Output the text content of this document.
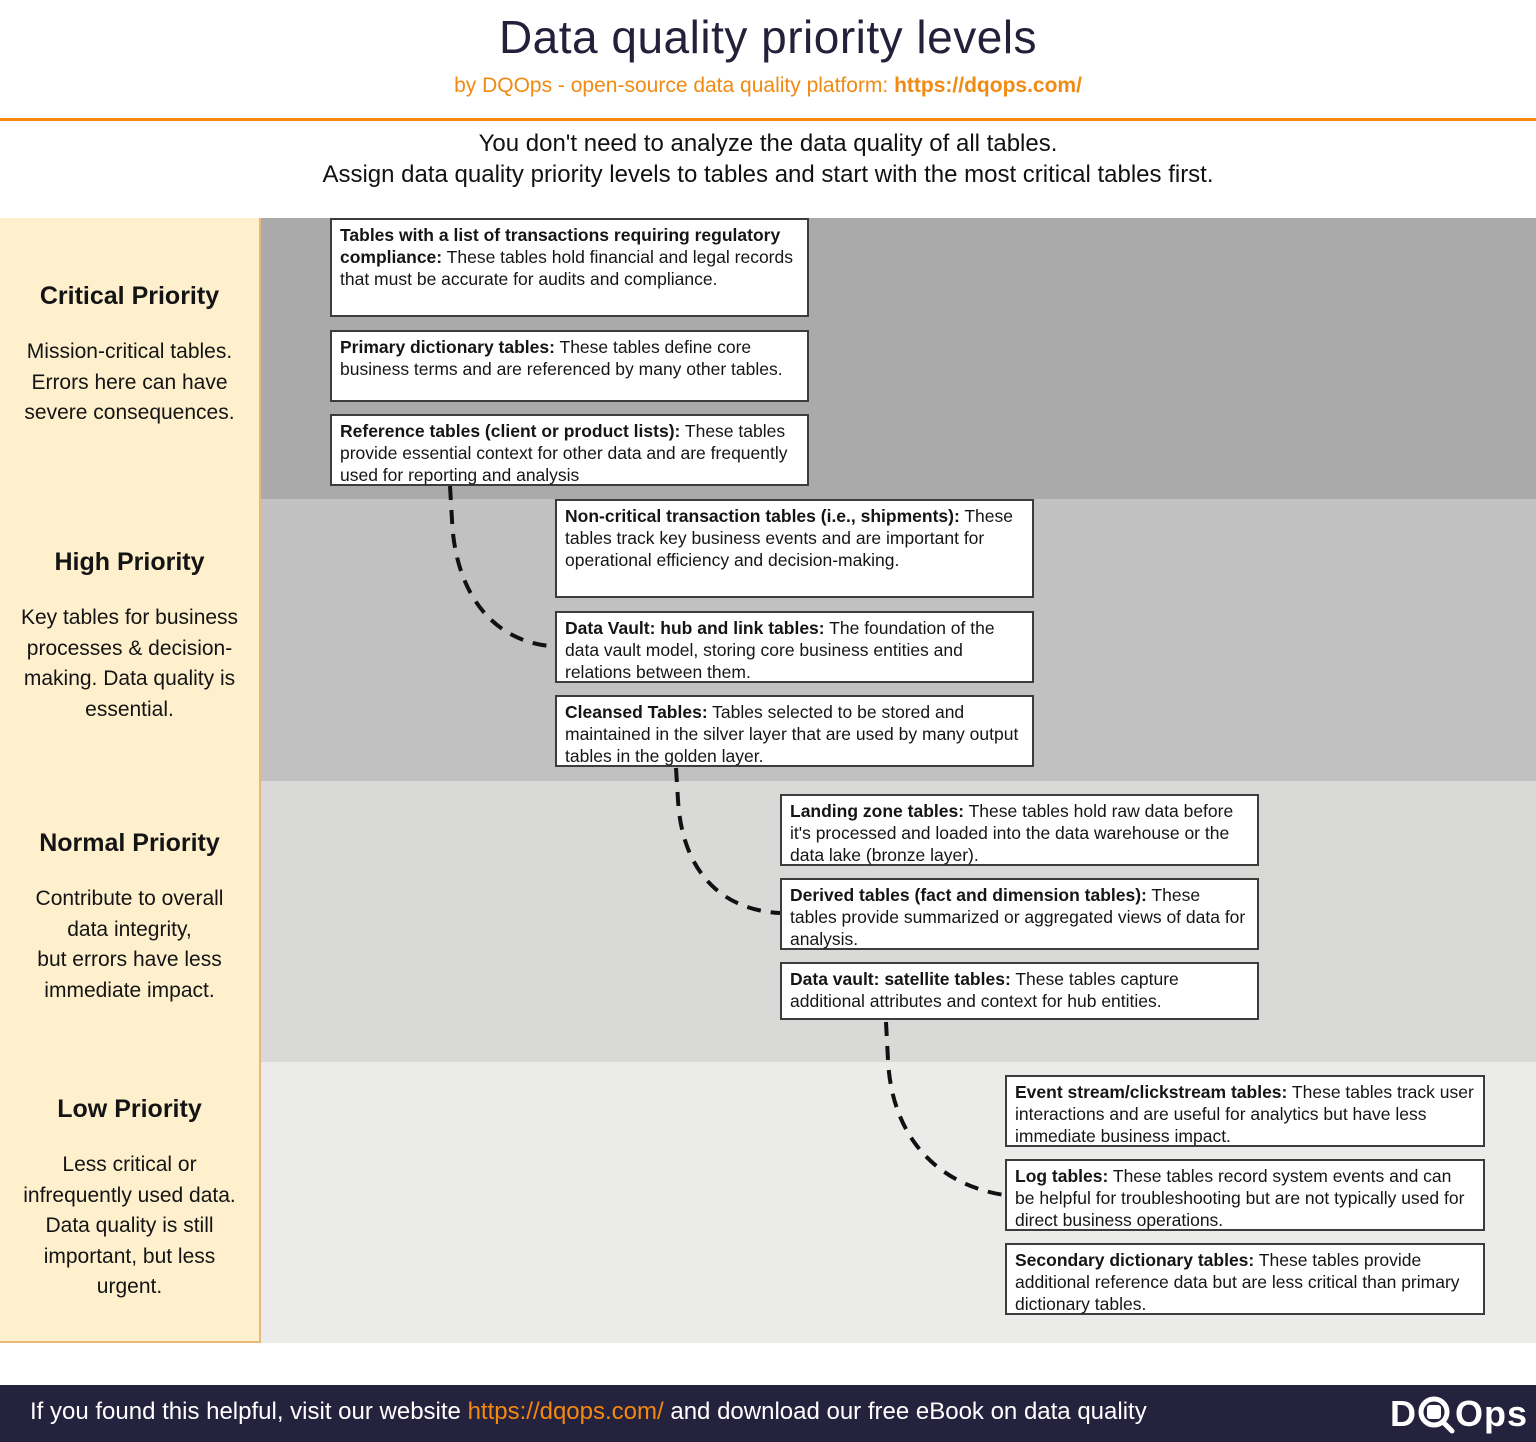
Data quality priority levels
by DQOps - open-source data quality platform: https://dqops.com/
You don't need to analyze the data quality of all tables.
Assign data quality priority levels to tables and start with the most critical tables first.
Critical Priority
Mission-critical tables.
Errors here can have
severe consequences.
High Priority
Key tables for business
processes & decision-
making. Data quality is
essential.
Normal Priority
Contribute to overall
data integrity,
but errors have less
immediate impact.
Low Priority
Less critical or
infrequently used data.
Data quality is still
important, but less
urgent.
Tables with a list of transactions requiring regulatory compliance: These tables hold financial and legal records that must be accurate for audits and compliance.
Primary dictionary tables: These tables define core business terms and are referenced by many other tables.
Reference tables (client or product lists): These tables provide essential context for other data and are frequently used for reporting and analysis
Non-critical transaction tables (i.e., shipments): These tables track key business events and are important for operational efficiency and decision-making.
Data Vault: hub and link tables: The foundation of the data vault model, storing core business entities and relations between them.
Cleansed Tables: Tables selected to be stored and maintained in the silver layer that are used by many output tables in the golden layer.
Landing zone tables: These tables hold raw data before it's processed and loaded into the data warehouse or the data lake (bronze layer).
Derived tables (fact and dimension tables): These tables provide summarized or aggregated views of data for analysis.
Data vault: satellite tables: These tables capture additional attributes and context for hub entities.
Event stream/clickstream tables: These tables track user interactions and are useful for analytics but have less immediate business impact.
Log tables: These tables record system events and can be helpful for troubleshooting but are not typically used for direct business operations.
Secondary dictionary tables: These tables provide additional reference data but are less critical than primary dictionary tables.
If you found this helpful, visit our website https://dqops.com/ and download our free eBook on data quality	D Ops
